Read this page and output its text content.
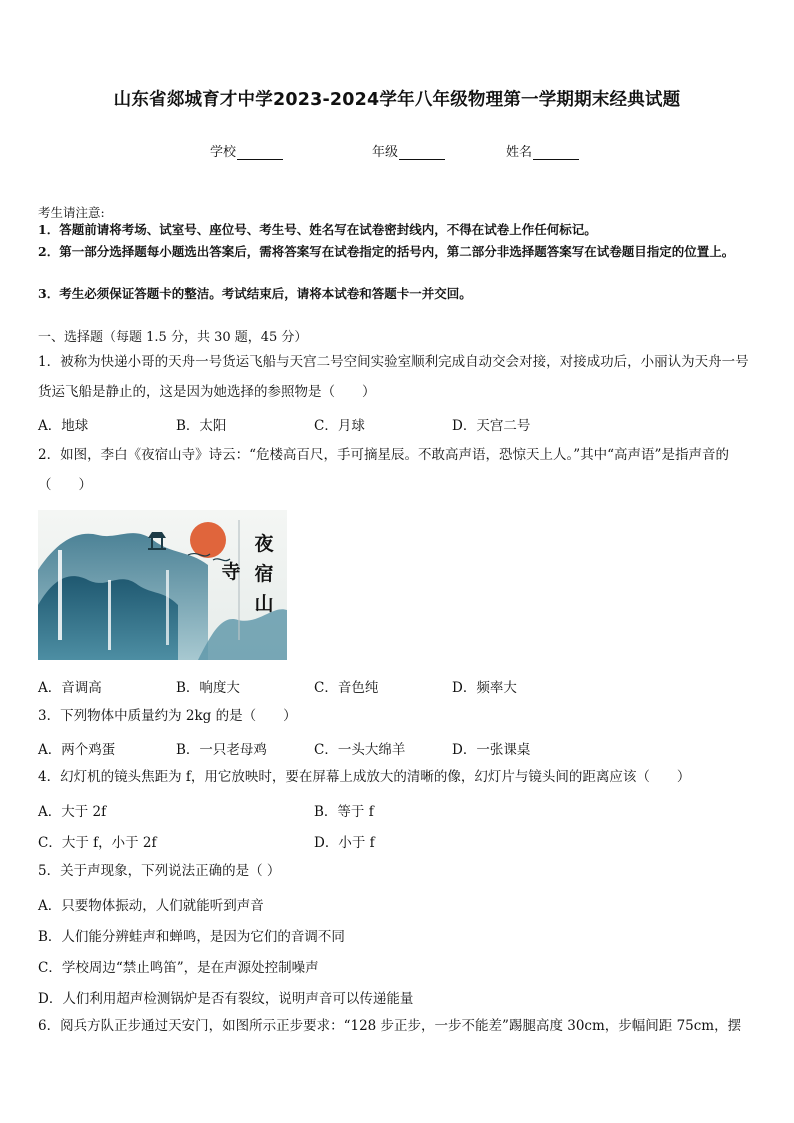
山东省郯城育才中学2023-2024学年八年级物理第一学期期末经典试题
学校	年级	姓名
考生请注意:
1．答题前请将考场、试室号、座位号、考生号、姓名写在试卷密封线内，不得在试卷上作任何标记。
2．第一部分选择题每小题选出答案后，需将答案写在试卷指定的括号内，第二部分非选择题答案写在试卷题目指定的位置上。
3．考生必须保证答题卡的整洁。考试结束后，请将本试卷和答题卡一并交回。
一、选择题（每题 1.5 分，共 30 题，45 分）
1．被称为快递小哥的天舟一号货运飞船与天宫二号空间实验室顺利完成自动交会对接，对接成功后，小丽认为天舟一号货运飞船是静止的，这是因为她选择的参照物是（　　）
A．地球	B．太阳	C．月球	D．天宫二号
2．如图，李白《夜宿山寺》诗云：“危楼高百尺，手可摘星辰。不敢高声语，恐惊天上人。”其中“高声语”是指声音的（　　）
夜
宿
山
寺
A．音调高	B．响度大	C．音色纯	D．频率大
3．下列物体中质量约为 2kg 的是（　　）
A．两个鸡蛋	B．一只老母鸡	C．一头大绵羊	D．一张课桌
4．幻灯机的镜头焦距为 f，用它放映时，要在屏幕上成放大的清晰的像，幻灯片与镜头间的距离应该（　　）
A．大于 2f	B．等于 f
C．大于 f，小于 2f	D．小于 f
5．关于声现象，下列说法正确的是（ ）
A．只要物体振动，人们就能听到声音
B．人们能分辨蛙声和蝉鸣，是因为它们的音调不同
C．学校周边“禁止鸣笛”，是在声源处控制噪声
D．人们利用超声检测锅炉是否有裂纹，说明声音可以传递能量
6．阅兵方队正步通过天安门，如图所示正步要求：“128 步正步，一步不能差”踢腿高度 30cm，步幅间距 75cm，摆
